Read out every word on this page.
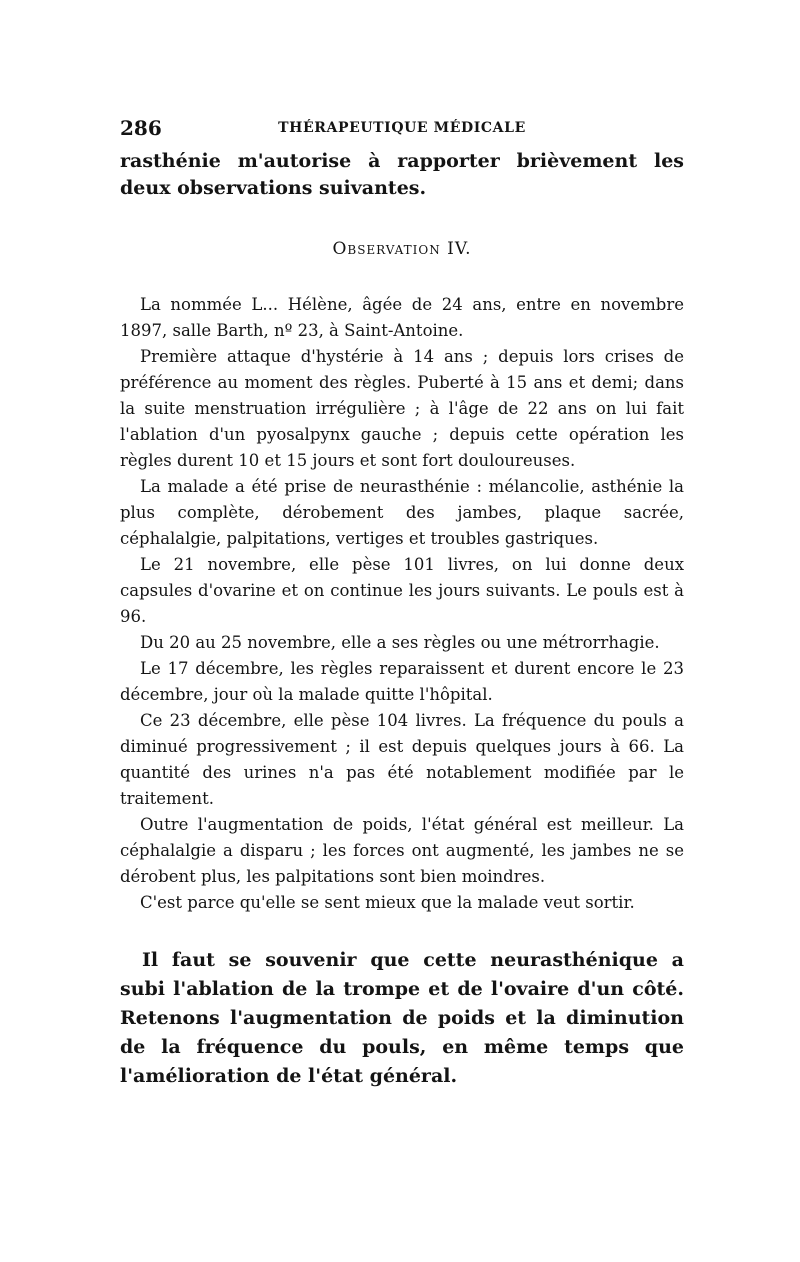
286	THÉRAPEUTIQUE MÉDICALE

rasthénie m'autorise à rapporter brièvement les deux observations suivantes.

Observation IV.

La nommée L... Hélène, âgée de 24 ans, entre en novembre 1897, salle Barth, nº 23, à Saint-Antoine.

Première attaque d'hystérie à 14 ans ; depuis lors crises de préférence au moment des règles. Puberté à 15 ans et demi; dans la suite menstruation irrégulière ; à l'âge de 22 ans on lui fait l'ablation d'un pyosalpynx gauche ; depuis cette opération les règles durent 10 et 15 jours et sont fort douloureuses.

La malade a été prise de neurasthénie : mélancolie, asthénie la plus complète, dérobement des jambes, plaque sacrée, céphalalgie, palpitations, vertiges et troubles gastriques.

Le 21 novembre, elle pèse 101 livres, on lui donne deux capsules d'ovarine et on continue les jours suivants. Le pouls est à 96.

Du 20 au 25 novembre, elle a ses règles ou une métrorrhagie.

Le 17 décembre, les règles reparaissent et durent encore le 23 décembre, jour où la malade quitte l'hôpital.

Ce 23 décembre, elle pèse 104 livres. La fréquence du pouls a diminué progressivement ; il est depuis quelques jours à 66. La quantité des urines n'a pas été notablement modifiée par le traitement.

Outre l'augmentation de poids, l'état général est meilleur. La céphalalgie a disparu ; les forces ont augmenté, les jambes ne se dérobent plus, les palpitations sont bien moindres.

C'est parce qu'elle se sent mieux que la malade veut sortir.

Il faut se souvenir que cette neurasthénique a subi l'ablation de la trompe et de l'ovaire d'un côté. Retenons l'augmentation de poids et la diminution de la fréquence du pouls, en même temps que l'amélioration de l'état général.
